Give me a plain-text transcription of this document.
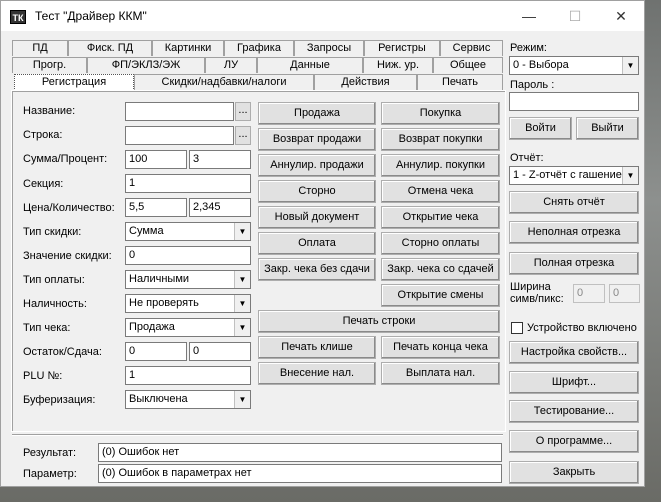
ТК Тест "Драйвер ККМ"	—	☐	✕
ПД	Фиск. ПД	Картинки	Графика	Запросы	Регистры	Сервис
Прогр.	ФП/ЭКЛЗ/ЭЖ	ЛУ	Данные	Ниж. ур.	Общее
Регистрация	Скидки/надбавки/налоги	Действия	Печать
Название:	...
Строка:	...
Сумма/Процент:	100	3
Секция:	1
Цена/Количество:	5,5	2,345
Тип скидки:	Сумма	▼
Значение скидки:	0
Тип оплаты:	Наличными	▼
Наличность:	Не проверять	▼
Тип чека:	Продажа	▼
Остаток/Сдача:	0	0
PLU №:	1
Буферизация:	Выключена	▼
Продажа	Покупка
Возврат продажи	Возврат покупки
Аннулир. продажи	Аннулир. покупки
Сторно	Отмена чека
Новый документ	Открытие чека
Оплата	Сторно оплаты
Закр. чека без сдачи	Закр. чека со сдачей
Открытие смены
Печать строки
Печать клише	Печать конца чека
Внесение нал.	Выплата нал.
Результат:	(0) Ошибок нет
Параметр:	(0) Ошибок в параметрах нет
Режим:
0 - Выбора	▼
Пароль :
Войти	Выйти
Отчёт:
1 - Z-отчёт с гашение ▼
Снять отчёт
Неполная отрезка
Полная отрезка
Ширина
симв/пикс:	0	0
Устройство включено
Настройка свойств...
Шрифт...
Тестирование...
О программе...
Закрыть
